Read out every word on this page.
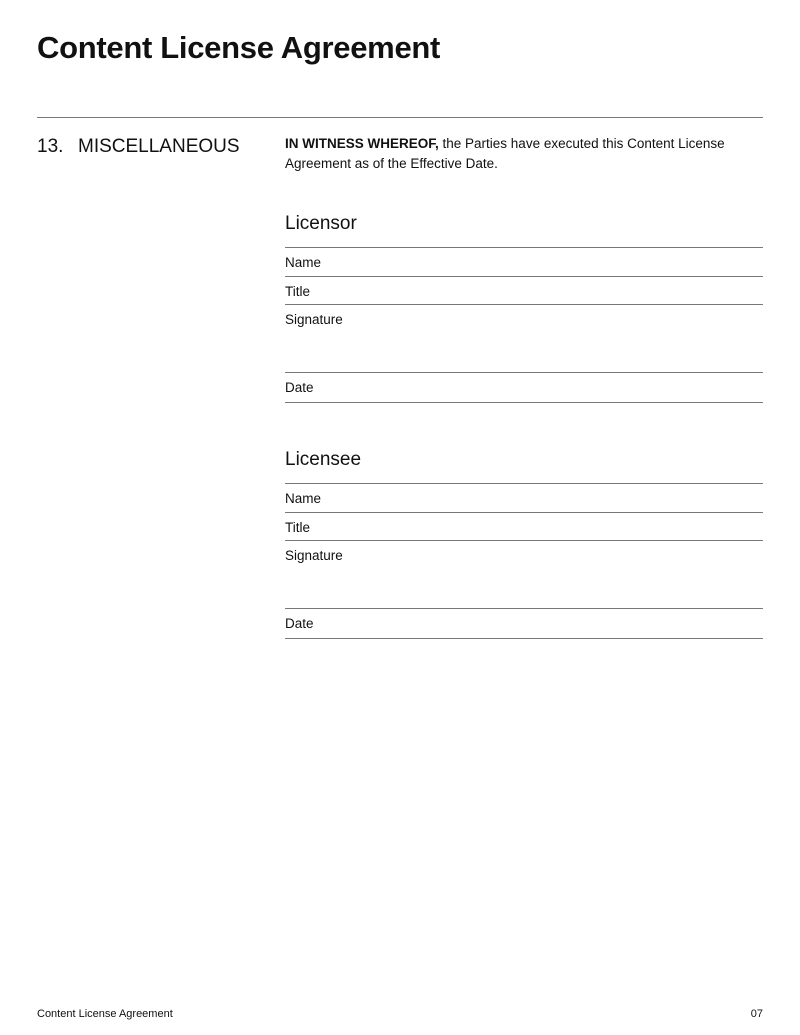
Content License Agreement
13. MISCELLANEOUS	IN WITNESS WHEREOF, the Parties have executed this Content License Agreement as of the Effective Date.

Licensor
Name
Title
Signature
Date
Licensee
Name
Title
Signature
Date
Content License Agreement	07
